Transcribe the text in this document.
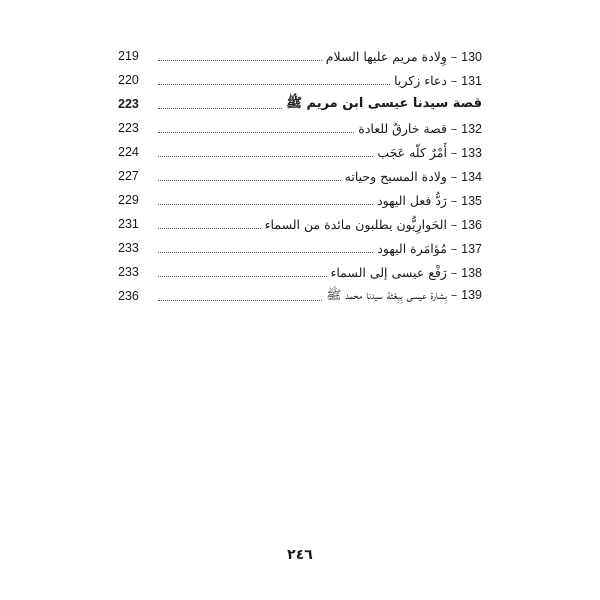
219	130 – وِلادة مريم عليها السلام
220	131 – دعاء زكريا
223	قصة سيدنا عيسى ابن مريم ﷺ
223	132 – قصة خارقٌ للعادة
224	133 – أَمْرٌ كلّه عَجَب
227	134 – ولادة المسيح وحياته
229	135 – رَدُّ فعل اليهود
231	136 – الحَوارِيُّون يطلبون مائدة من السماء
233	137 – مُؤامَرة اليهود
233	138 – رَفْع عيسى إلى السماء
236	139 – بِشارة عيسى بِبِعْثة سيدنا محمد ﷺ
٢٤٦
